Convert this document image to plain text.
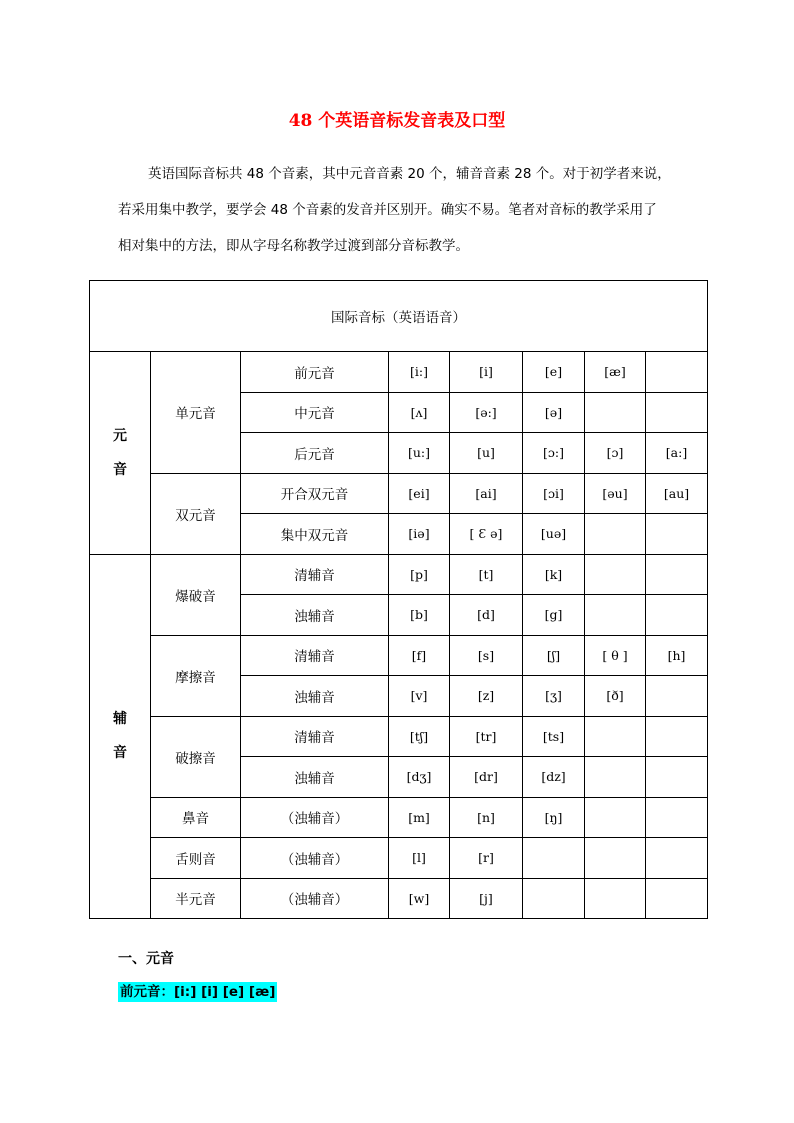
48 个英语音标发音表及口型
英语国际音标共 48 个音素，其中元音音素 20 个，辅音音素 28 个。对于初学者来说，
若采用集中教学，要学会 48 个音素的发音并区别开。确实不易。笔者对音标的教学采用了
相对集中的方法，即从字母名称教学过渡到部分音标教学。
国际音标（英语语音）							
元
音	单元音	前元音	[i:]	[i]	[e]	[æ]	
		中元音	[ʌ]	[ə:]	[ə]		
		后元音	[u:]	[u]	[ɔ:]	[ɔ]	[a:]
	双元音	开合双元音	[ei]	[ai]	[ɔi]	[əu]	[au]
		集中双元音	[iə]	[ Ɛ ə]	[uə]		
辅
音	爆破音	清辅音	[p]	[t]	[k]		
		浊辅音	[b]	[d]	[g]		
	摩擦音	清辅音	[f]	[s]	[ʃ]	[ θ ]	[h]
		浊辅音	[v]	[z]	[ʒ]	[ð]	
	破擦音	清辅音	[tʃ]	[tr]	[ts]		
		浊辅音	[dʒ]	[dr]	[dz]		
	鼻音	（浊辅音）	[m]	[n]	[ŋ]		
	舌则音	（浊辅音）	[l]	[r]			
	半元音	（浊辅音）	[w]	[j]			
一、元音
前元音：[i:] [i] [e] [æ]
